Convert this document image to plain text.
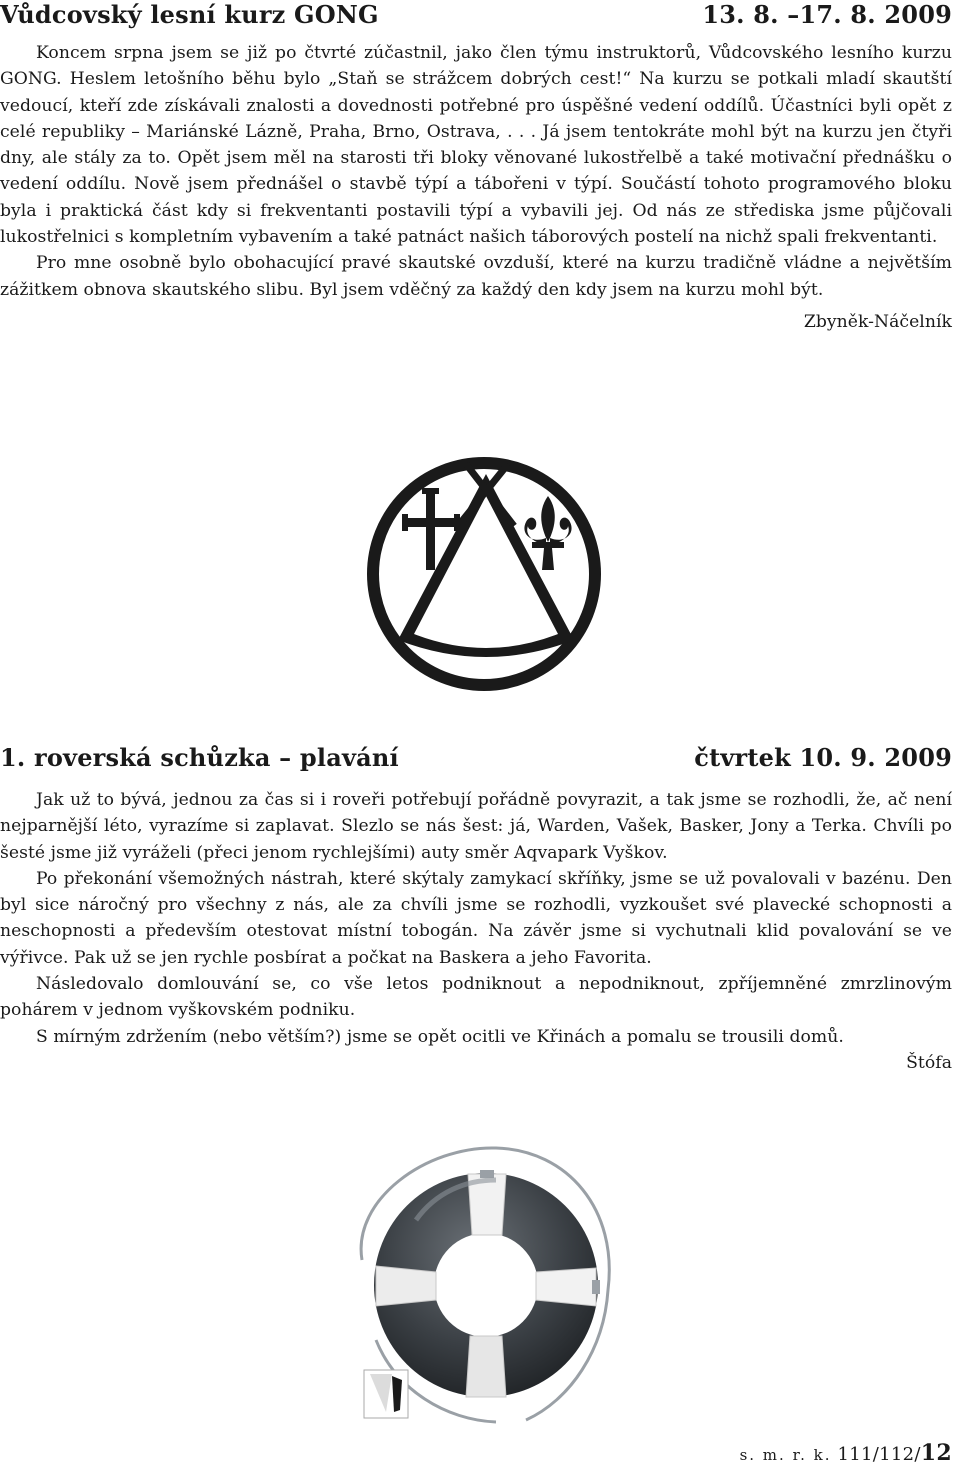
Vůdcovský lesní kurz GONG	13. 8. –17. 8. 2009

Koncem srpna jsem se již po čtvrté zúčastnil, jako člen týmu instruktorů, Vůdcovského lesního kurzu GONG. Heslem letošního běhu bylo „Staň se strážcem dobrých cest!“ Na kurzu se potkali mladí skautští vedoucí, kteří zde získávali znalosti a dovednosti potřebné pro úspěšné vedení oddílů. Účastníci byli opět z celé republiky – Mariánské Lázně, Praha, Brno, Ostrava, . . . Já jsem tentokráte mohl být na kurzu jen čtyři dny, ale stály za to. Opět jsem měl na starosti tři bloky věnované lukostřelbě a také motivační přednášku o vedení oddílu. Nově jsem přednášel o stavbě týpí a tábořeni v týpí. Součástí tohoto programového bloku byla i praktická část kdy si frekventanti postavili týpí a vybavili jej. Od nás ze střediska jsme půjčovali lukostřelnici s kompletním vybavením a také patnáct našich táborových postelí na nichž spali frekventanti.

Pro mne osobně bylo obohacující pravé skautské ovzduší, které na kurzu tradičně vládne a největším zážitkem obnova skautského slibu. Byl jsem vděčný za každý den kdy jsem na kurzu mohl být.

Zbyněk-Náčelník
1. roverská schůzka – plavání	čtvrtek 10. 9. 2009

Jak už to bývá, jednou za čas si i roveři potřebují pořádně povyrazit, a tak jsme se rozhodli, že, ač není nejparnější léto, vyrazíme si zaplavat. Slezlo se nás šest: já, Warden, Vašek, Basker, Jony a Terka. Chvíli po šesté jsme již vyráželi (přeci jenom rychlejšími) auty směr Aqvapark Vyškov.

Po překonání všemožných nástrah, které skýtaly zamykací skříňky, jsme se už povalovali v bazénu. Den byl sice náročný pro všechny z nás, ale za chvíli jsme se rozhodli, vyzkoušet své plavecké schopnosti a neschopnosti a především otestovat místní tobogán. Na závěr jsme si vychutnali klid povalování se ve výřivce. Pak už se jen rychle posbírat a počkat na Baskera a jeho Favorita.

Následovalo domlouvání se, co vše letos podniknout a nepodniknout, zpříjemněné zmrzlinovým pohárem v jednom vyškovském podniku.

S mírným zdržením (nebo větším?) jsme se opět ocitli ve Křinách a pomalu se trousili domů.

Štófa
s. m. r. k. 111/112/12
